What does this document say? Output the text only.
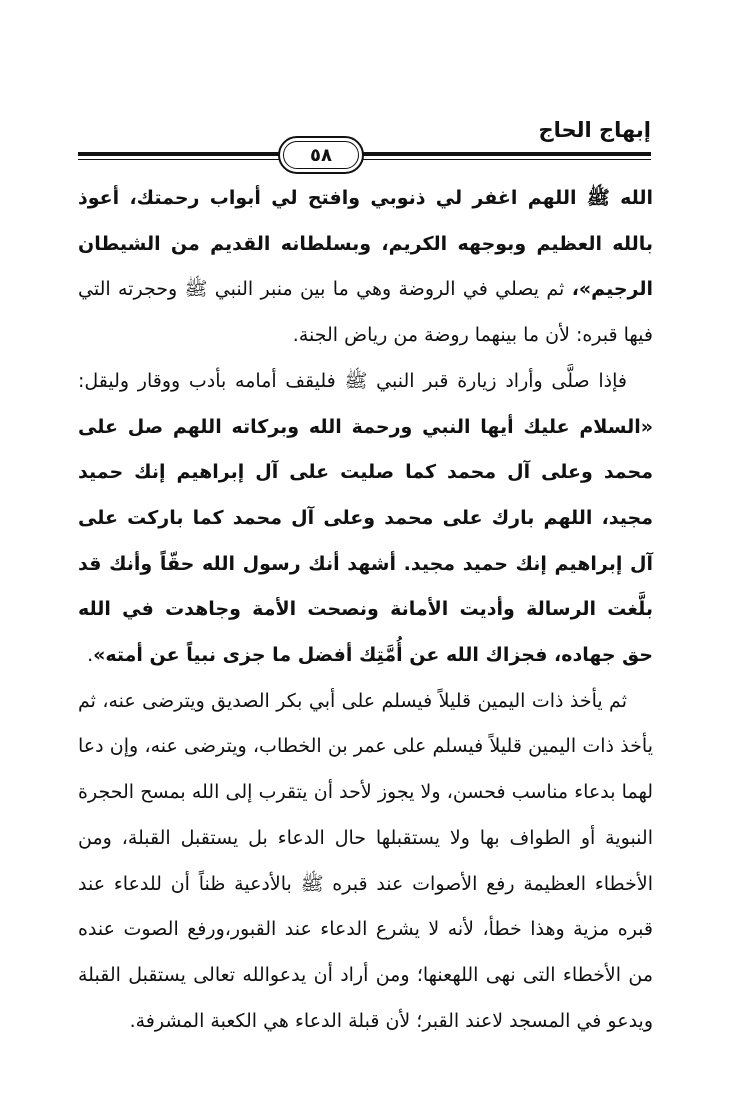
إبهاج الحاج
٥٨

الله ﷺ اللهم اغفر لي ذنوبي وافتح لي أبواب رحمتك، أعوذ بالله العظيم وبوجهه الكريم، وبسلطانه القديم من الشيطان الرجيم»، ثم يصلي في الروضة وهي ما بين منبر النبي ﷺ وحجرته التي فيها قبره: لأن ما بينهما روضة من رياض الجنة.

فإذا صلَّى وأراد زيارة قبر النبي ﷺ فليقف أمامه بأدب ووقار وليقل: «السلام عليك أيها النبي ورحمة الله وبركاته اللهم صل على محمد وعلى آل محمد كما صليت على آل إبراهيم إنك حميد مجيد، اللهم بارك على محمد وعلى آل محمد كما باركت على آل إبراهيم إنك حميد مجيد. أشهد أنك رسول الله حقّاً وأنك قد بلَّغت الرسالة وأديت الأمانة ونصحت الأمة وجاهدت في الله حق جهاده، فجزاك الله عن أُمَّتِك أفضل ما جزى نبياً عن أمته».

ثم يأخذ ذات اليمين قليلاً فيسلم على أبي بكر الصديق ويترضى عنه، ثم يأخذ ذات اليمين قليلاً فيسلم على عمر بن الخطاب، ويترضى عنه، وإن دعا لهما بدعاء مناسب فحسن، ولا يجوز لأحد أن يتقرب إلى الله بمسح الحجرة النبوية أو الطواف بها ولا يستقبلها حال الدعاء بل يستقبل القبلة، ومن الأخطاء العظيمة رفع الأصوات عند قبره ﷺ بالأدعية ظناً أن للدعاء عند قبره مزية وهذا خطأ، لأنه لا يشرع الدعاء عند القبور،ورفع الصوت عنده من الأخطاء التى نهى اللهعنها؛ ومن أراد أن يدعوالله تعالى يستقبل القبلة ويدعو في المسجد لاعند القبر؛ لأن قبلة الدعاء هي الكعبة المشرفة.
